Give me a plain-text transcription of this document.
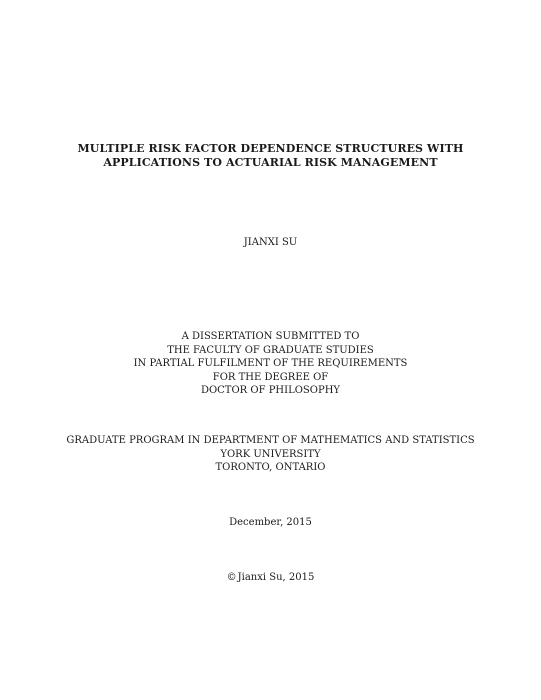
MULTIPLE RISK FACTOR DEPENDENCE STRUCTURES WITH
APPLICATIONS TO ACTUARIAL RISK MANAGEMENT
JIANXI SU
A DISSERTATION SUBMITTED TO
THE FACULTY OF GRADUATE STUDIES
IN PARTIAL FULFILMENT OF THE REQUIREMENTS
FOR THE DEGREE OF
DOCTOR OF PHILOSOPHY
GRADUATE PROGRAM IN DEPARTMENT OF MATHEMATICS AND STATISTICS
YORK UNIVERSITY
TORONTO, ONTARIO
December, 2015
©Jianxi Su, 2015
